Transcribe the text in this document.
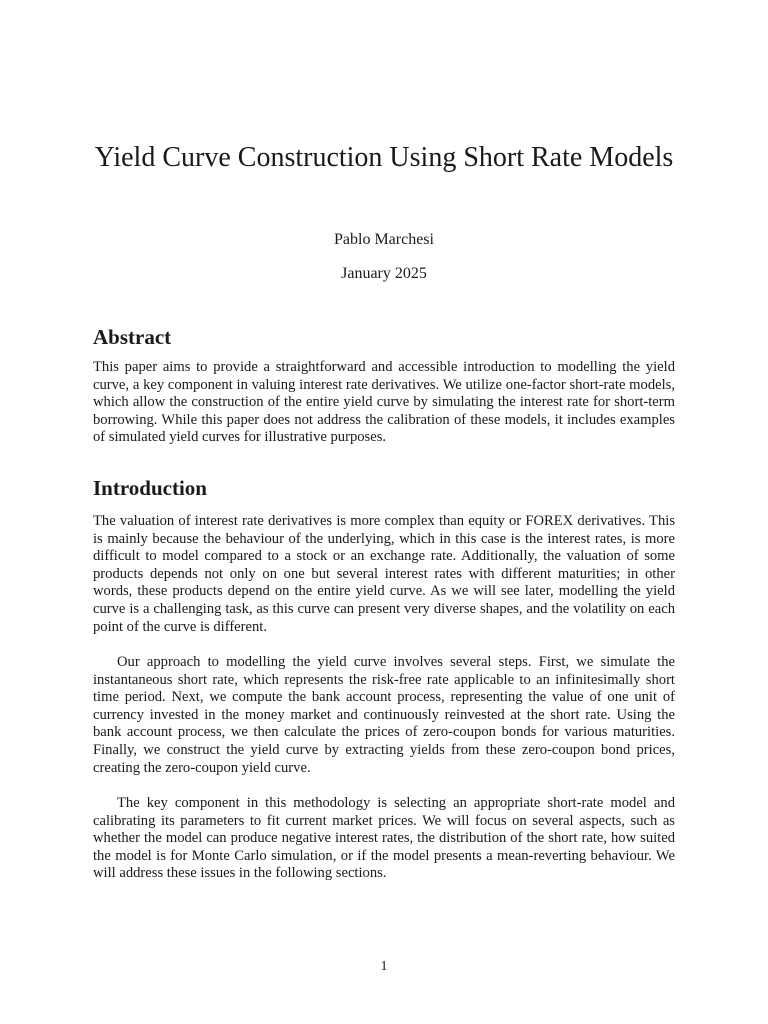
Yield Curve Construction Using Short Rate Models
Pablo Marchesi
January 2025
Abstract

This paper aims to provide a straightforward and accessible introduction to modelling the yield curve, a key component in valuing interest rate derivatives. We utilize one-factor short-rate models, which allow the construction of the entire yield curve by simulating the interest rate for short-term borrowing. While this paper does not address the calibration of these models, it includes examples of simulated yield curves for illustrative purposes.

Introduction

The valuation of interest rate derivatives is more complex than equity or FOREX derivatives. This is mainly because the behaviour of the underlying, which in this case is the interest rates, is more difficult to model compared to a stock or an exchange rate. Additionally, the valuation of some products depends not only on one but several interest rates with different maturities; in other words, these products depend on the entire yield curve. As we will see later, modelling the yield curve is a challenging task, as this curve can present very diverse shapes, and the volatility on each point of the curve is different.

Our approach to modelling the yield curve involves several steps. First, we simulate the instantaneous short rate, which represents the risk-free rate applicable to an infinitesimally short time period. Next, we compute the bank account process, representing the value of one unit of currency invested in the money market and continuously reinvested at the short rate. Using the bank account process, we then calculate the prices of zero-coupon bonds for various maturities. Finally, we construct the yield curve by extracting yields from these zero-coupon bond prices, creating the zero-coupon yield curve.

The key component in this methodology is selecting an appropriate short-rate model and calibrating its parameters to fit current market prices. We will focus on several aspects, such as whether the model can produce negative interest rates, the distribution of the short rate, how suited the model is for Monte Carlo simulation, or if the model presents a mean-reverting behaviour. We will address these issues in the following sections.

1
